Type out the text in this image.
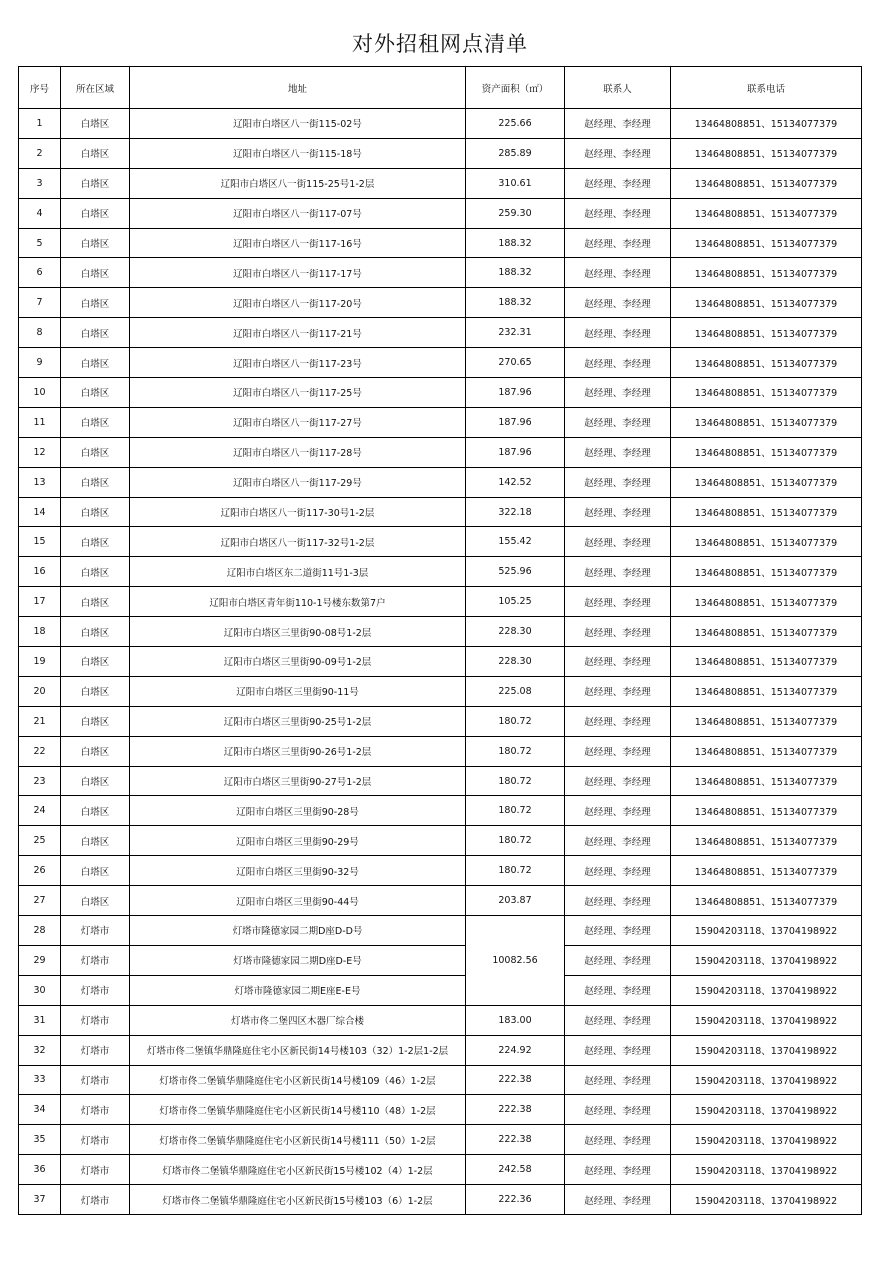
对外招租网点清单
序号	所在区域	地址	资产面积（㎡）	联系人	联系电话
1	白塔区	辽阳市白塔区八一街115-02号	225.66	赵经理、李经理	13464808851、15134077379
2	白塔区	辽阳市白塔区八一街115-18号	285.89	赵经理、李经理	13464808851、15134077379
3	白塔区	辽阳市白塔区八一街115-25号1-2层	310.61	赵经理、李经理	13464808851、15134077379
4	白塔区	辽阳市白塔区八一街117-07号	259.30	赵经理、李经理	13464808851、15134077379
5	白塔区	辽阳市白塔区八一街117-16号	188.32	赵经理、李经理	13464808851、15134077379
6	白塔区	辽阳市白塔区八一街117-17号	188.32	赵经理、李经理	13464808851、15134077379
7	白塔区	辽阳市白塔区八一街117-20号	188.32	赵经理、李经理	13464808851、15134077379
8	白塔区	辽阳市白塔区八一街117-21号	232.31	赵经理、李经理	13464808851、15134077379
9	白塔区	辽阳市白塔区八一街117-23号	270.65	赵经理、李经理	13464808851、15134077379
10	白塔区	辽阳市白塔区八一街117-25号	187.96	赵经理、李经理	13464808851、15134077379
11	白塔区	辽阳市白塔区八一街117-27号	187.96	赵经理、李经理	13464808851、15134077379
12	白塔区	辽阳市白塔区八一街117-28号	187.96	赵经理、李经理	13464808851、15134077379
13	白塔区	辽阳市白塔区八一街117-29号	142.52	赵经理、李经理	13464808851、15134077379
14	白塔区	辽阳市白塔区八一街117-30号1-2层	322.18	赵经理、李经理	13464808851、15134077379
15	白塔区	辽阳市白塔区八一街117-32号1-2层	155.42	赵经理、李经理	13464808851、15134077379
16	白塔区	辽阳市白塔区东二道街11号1-3层	525.96	赵经理、李经理	13464808851、15134077379
17	白塔区	辽阳市白塔区青年街110-1号楼东数第7户	105.25	赵经理、李经理	13464808851、15134077379
18	白塔区	辽阳市白塔区三里街90-08号1-2层	228.30	赵经理、李经理	13464808851、15134077379
19	白塔区	辽阳市白塔区三里街90-09号1-2层	228.30	赵经理、李经理	13464808851、15134077379
20	白塔区	辽阳市白塔区三里街90-11号	225.08	赵经理、李经理	13464808851、15134077379
21	白塔区	辽阳市白塔区三里街90-25号1-2层	180.72	赵经理、李经理	13464808851、15134077379
22	白塔区	辽阳市白塔区三里街90-26号1-2层	180.72	赵经理、李经理	13464808851、15134077379
23	白塔区	辽阳市白塔区三里街90-27号1-2层	180.72	赵经理、李经理	13464808851、15134077379
24	白塔区	辽阳市白塔区三里街90-28号	180.72	赵经理、李经理	13464808851、15134077379
25	白塔区	辽阳市白塔区三里街90-29号	180.72	赵经理、李经理	13464808851、15134077379
26	白塔区	辽阳市白塔区三里街90-32号	180.72	赵经理、李经理	13464808851、15134077379
27	白塔区	辽阳市白塔区三里街90-44号	203.87	赵经理、李经理	13464808851、15134077379
28	灯塔市	灯塔市隆德家园二期D座D-D号	10082.56	赵经理、李经理	15904203118、13704198922
29	灯塔市	灯塔市隆德家园二期D座D-E号		赵经理、李经理	15904203118、13704198922
30	灯塔市	灯塔市隆德家园二期E座E-E号		赵经理、李经理	15904203118、13704198922
31	灯塔市	灯塔市佟二堡四区木器厂综合楼	183.00	赵经理、李经理	15904203118、13704198922
32	灯塔市	灯塔市佟二堡镇华鼎隆庭住宅小区新民街14号楼103（32）1-2层1-2层	224.92	赵经理、李经理	15904203118、13704198922
33	灯塔市	灯塔市佟二堡镇华鼎隆庭住宅小区新民街14号楼109（46）1-2层	222.38	赵经理、李经理	15904203118、13704198922
34	灯塔市	灯塔市佟二堡镇华鼎隆庭住宅小区新民街14号楼110（48）1-2层	222.38	赵经理、李经理	15904203118、13704198922
35	灯塔市	灯塔市佟二堡镇华鼎隆庭住宅小区新民街14号楼111（50）1-2层	222.38	赵经理、李经理	15904203118、13704198922
36	灯塔市	灯塔市佟二堡镇华鼎隆庭住宅小区新民街15号楼102（4）1-2层	242.58	赵经理、李经理	15904203118、13704198922
37	灯塔市	灯塔市佟二堡镇华鼎隆庭住宅小区新民街15号楼103（6）1-2层	222.36	赵经理、李经理	15904203118、13704198922
